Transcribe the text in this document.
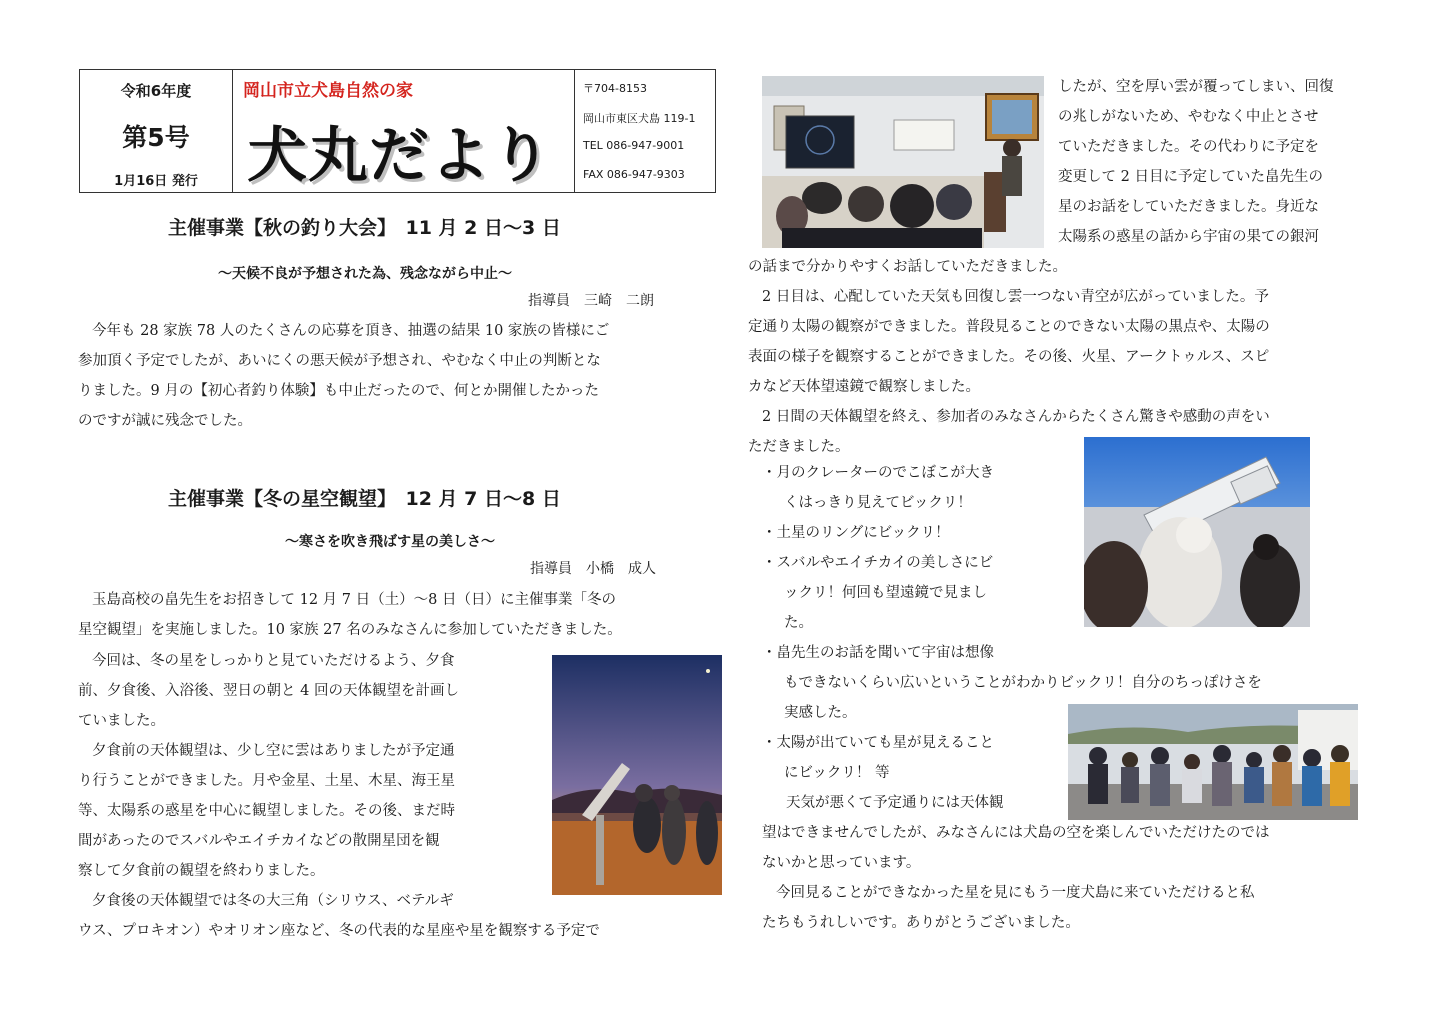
令和6年度
第5号
1月16日 発行
岡山市立犬島自然の家
犬丸だより
〒704-8153
岡山市東区犬島 119-1
TEL 086-947-9001
FAX 086-947-9303
主催事業【秋の釣り大会】　11 月 2 日～3 日
～天候不良が予想された為、残念ながら中止～
指導員　三崎　二朗
今年も 28 家族 78 人のたくさんの応募を頂き、抽選の結果 10 家族の皆様にご
参加頂く予定でしたが、あいにくの悪天候が予想され、やむなく中止の判断とな
りました。9 月の【初心者釣り体験】も中止だったので、何とか開催したかった
のですが誠に残念でした。
主催事業【冬の星空観望】　12 月 7 日～8 日
～寒さを吹き飛ばす星の美しさ～
指導員　小橋　成人
玉島高校の畠先生をお招きして 12 月 7 日（土）～8 日（日）に主催事業「冬の
星空観望」を実施しました。10 家族 27 名のみなさんに参加していただきました。
今回は、冬の星をしっかりと見ていただけるよう、夕食
前、夕食後、入浴後、翌日の朝と 4 回の天体観望を計画し
ていました。
夕食前の天体観望は、少し空に雲はありましたが予定通
り行うことができました。月や金星、土星、木星、海王星
等、太陽系の惑星を中心に観望しました。その後、まだ時
間があったのでスバルやエイチカイなどの散開星団を観
察して夕食前の観望を終わりました。
夕食後の天体観望では冬の大三角（シリウス、ベテルギ
ウス、プロキオン）やオリオン座など、冬の代表的な星座や星を観察する予定で
したが、空を厚い雲が覆ってしまい、回復
の兆しがないため、やむなく中止とさせ
ていただきました。その代わりに予定を
変更して 2 日目に予定していた畠先生の
星のお話をしていただきました。身近な
太陽系の惑星の話から宇宙の果ての銀河
の話まで分かりやすくお話していただきました。
2 日目は、心配していた天気も回復し雲一つない青空が広がっていました。予
定通り太陽の観察ができました。普段見ることのできない太陽の黒点や、太陽の
表面の様子を観察することができました。その後、火星、アークトゥルス、スピ
カなど天体望遠鏡で観察しました。
2 日間の天体観望を終え、参加者のみなさんからたくさん驚きや感動の声をい
ただきました。
・月のクレーターのでこぼこが大き
くはっきり見えてビックリ！
・土星のリングにビックリ！
・スバルやエイチカイの美しさにビ
ックリ！何回も望遠鏡で見まし
た。
・畠先生のお話を聞いて宇宙は想像
もできないくらい広いということがわかりビックリ！自分のちっぽけさを
実感した。
・太陽が出ていても星が見えること
にビックリ！ 等
天気が悪くて予定通りには天体観
望はできませんでしたが、みなさんには犬島の空を楽しんでいただけたのでは
ないかと思っています。
今回見ることができなかった星を見にもう一度犬島に来ていただけると私
たちもうれしいです。ありがとうございました。
